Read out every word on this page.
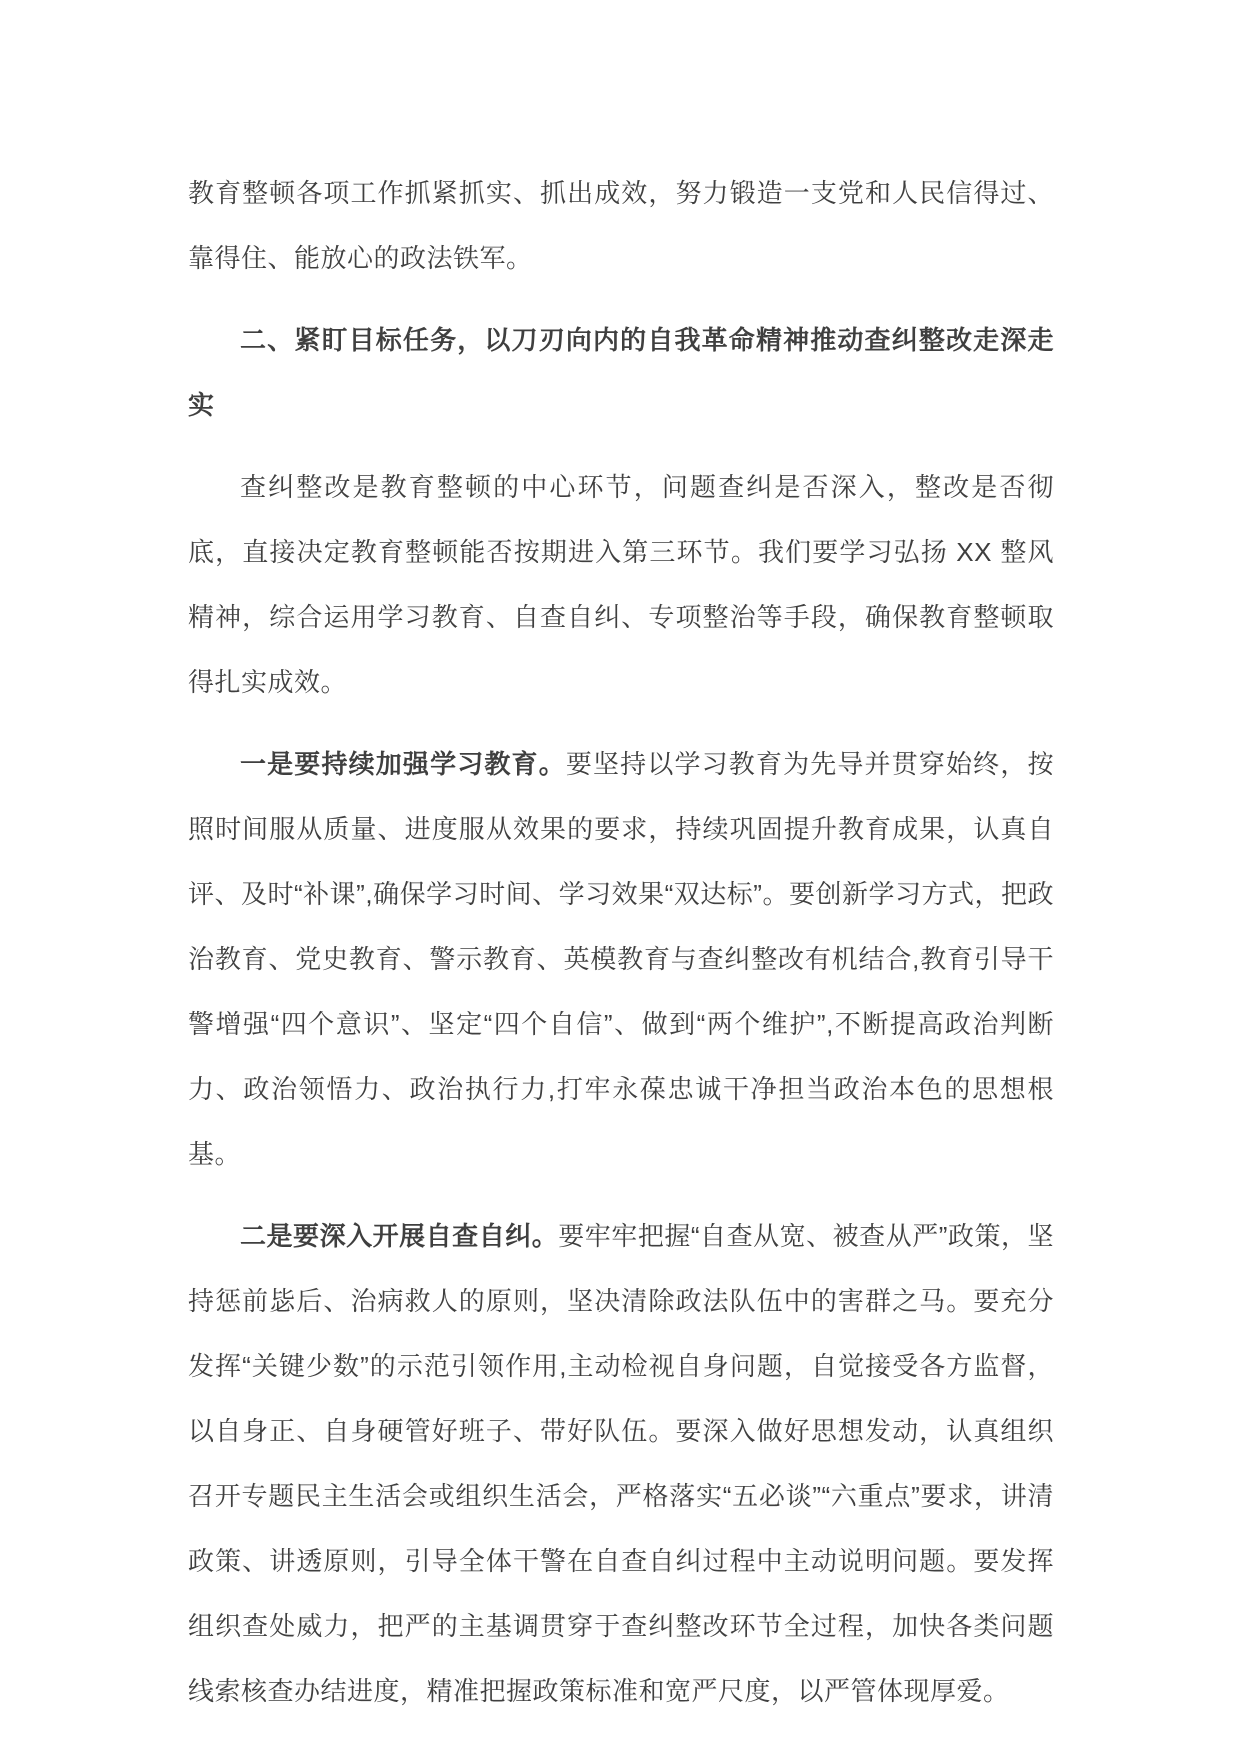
教育整顿各项工作抓紧抓实、抓出成效，努力锻造一支党和人民信得过、靠得住、能放心的政法铁军。

二、紧盯目标任务，以刀刃向内的自我革命精神推动查纠整改走深走实

查纠整改是教育整顿的中心环节，问题查纠是否深入，整改是否彻底，直接决定教育整顿能否按期进入第三环节。我们要学习弘扬 XX 整风精神，综合运用学习教育、自查自纠、专项整治等手段，确保教育整顿取得扎实成效。

一是要持续加强学习教育。要坚持以学习教育为先导并贯穿始终，按照时间服从质量、进度服从效果的要求，持续巩固提升教育成果，认真自评、及时“补课”,确保学习时间、学习效果“双达标”。要创新学习方式，把政治教育、党史教育、警示教育、英模教育与查纠整改有机结合,教育引导干警增强“四个意识”、坚定“四个自信”、做到“两个维护”,不断提高政治判断力、政治领悟力、政治执行力,打牢永葆忠诚干净担当政治本色的思想根基。

二是要深入开展自查自纠。要牢牢把握“自查从宽、被查从严”政策，坚持惩前毖后、治病救人的原则，坚决清除政法队伍中的害群之马。要充分发挥“关键少数”的示范引领作用,主动检视自身问题，自觉接受各方监督，以自身正、自身硬管好班子、带好队伍。要深入做好思想发动，认真组织召开专题民主生活会或组织生活会，严格落实“五必谈”“六重点”要求，讲清政策、讲透原则，引导全体干警在自查自纠过程中主动说明问题。要发挥组织查处威力，把严的主基调贯穿于查纠整改环节全过程，加快各类问题线索核查办结进度，精准把握政策标准和宽严尺度，以严管体现厚爱。
